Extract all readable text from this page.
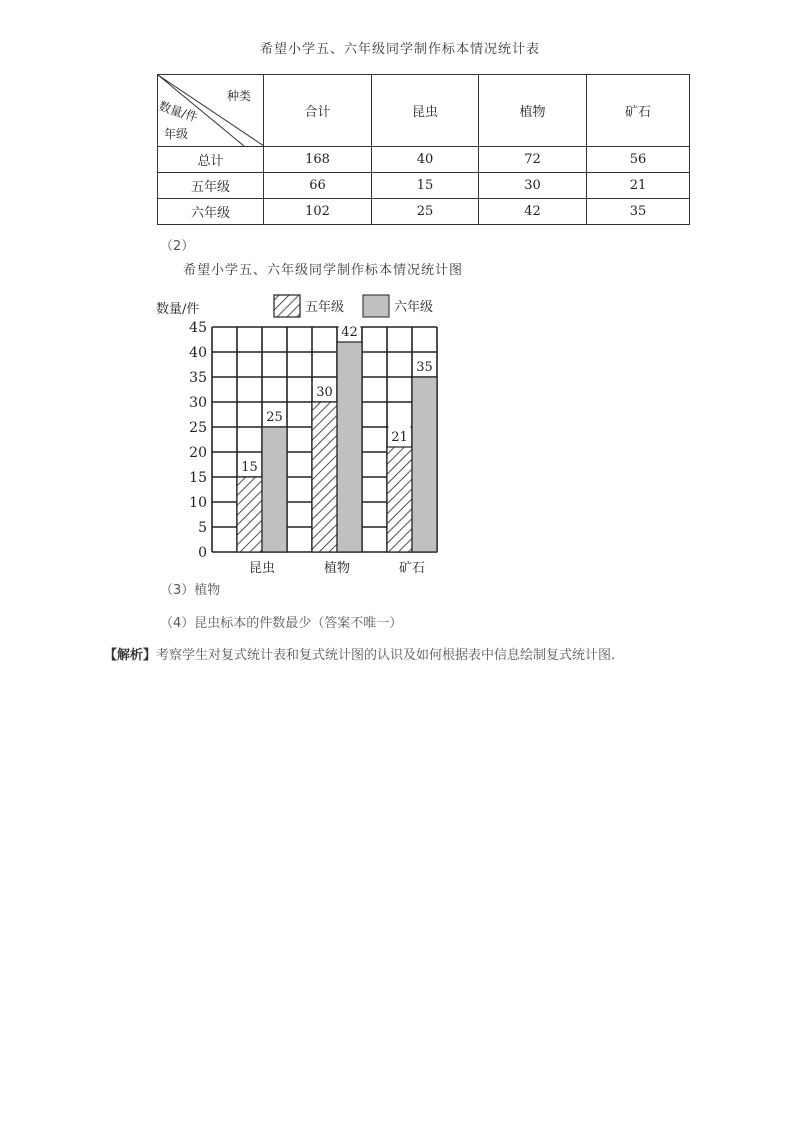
希望小学五、六年级同学制作标本情况统计表
种类
数量/件
年级	合计	昆虫	植物	矿石
总计	168	40	72	56
五年级	66	15	30	21
六年级	102	25	42	35
（2）
希望小学五、六年级同学制作标本情况统计图
0
5
10
15
20
25
30
35
40
45
15
25
昆虫
30
42
植物
21
35
矿石
数量/件	五年级	六年级
（3）植物
（4）昆虫标本的件数最少（答案不唯一）
【解析】考察学生对复式统计表和复式统计图的认识及如何根据表中信息绘制复式统计图．
